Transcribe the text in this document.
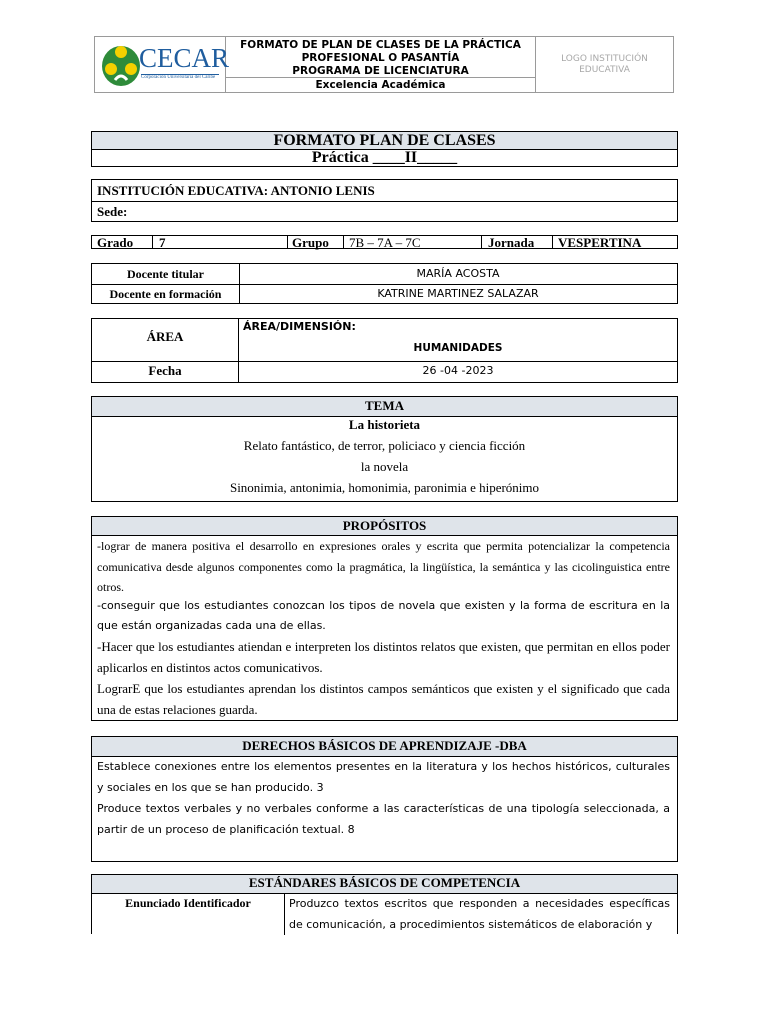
CECAR
Corporación Universitaria del Caribe
FORMATO DE PLAN DE CLASES DE LA PRÁCTICA
PROFESIONAL O PASANTÍA
PROGRAMA DE LICENCIATURA
Excelencia Académica
LOGO INSTITUCIÓN
EDUCATIVA
FORMATO PLAN DE CLASES
Práctica ____II_____
INSTITUCIÓN EDUCATIVA: ANTONIO LENIS
Sede:
Grado 7	Grupo 7B – 7A – 7C	Jornada VESPERTINA
Docente titular	MARÍA ACOSTA
Docente en formación	KATRINE MARTINEZ SALAZAR
ÁREA
ÁREA/DIMENSIÓN:
HUMANIDADES
Fecha	26 -04 -2023
TEMA
La historieta
Relato fantástico, de terror, policiaco y ciencia ficción
la novela
Sinonimia, antonimia, homonimia, paronimia e hiperónimo
PROPÓSITOS
-lograr de manera positiva el desarrollo en expresiones orales y escrita que permita potencializar la competencia comunicativa desde algunos componentes como la pragmática, la lingüística, la semántica y las cicolinguistica entre otros.
-conseguir que los estudiantes conozcan los tipos de novela que existen y la forma de escritura en la que están organizadas cada una de ellas.
-Hacer que los estudiantes atiendan e interpreten los distintos relatos que existen, que permitan en ellos poder aplicarlos en distintos actos comunicativos.
LograrE que los estudiantes aprendan los distintos campos semánticos que existen y el significado que cada una de estas relaciones guarda.
DERECHOS BÁSICOS DE APRENDIZAJE -DBA
Establece conexiones entre los elementos presentes en la literatura y los hechos históricos, culturales y sociales en los que se han producido. 3
Produce textos verbales y no verbales conforme a las características de una tipología seleccionada, a partir de un proceso de planificación textual. 8
ESTÁNDARES BÁSICOS DE COMPETENCIA
Enunciado Identificador	Produzco textos escritos que responden a necesidades específicas de comunicación, a procedimientos sistemáticos de elaboración y
